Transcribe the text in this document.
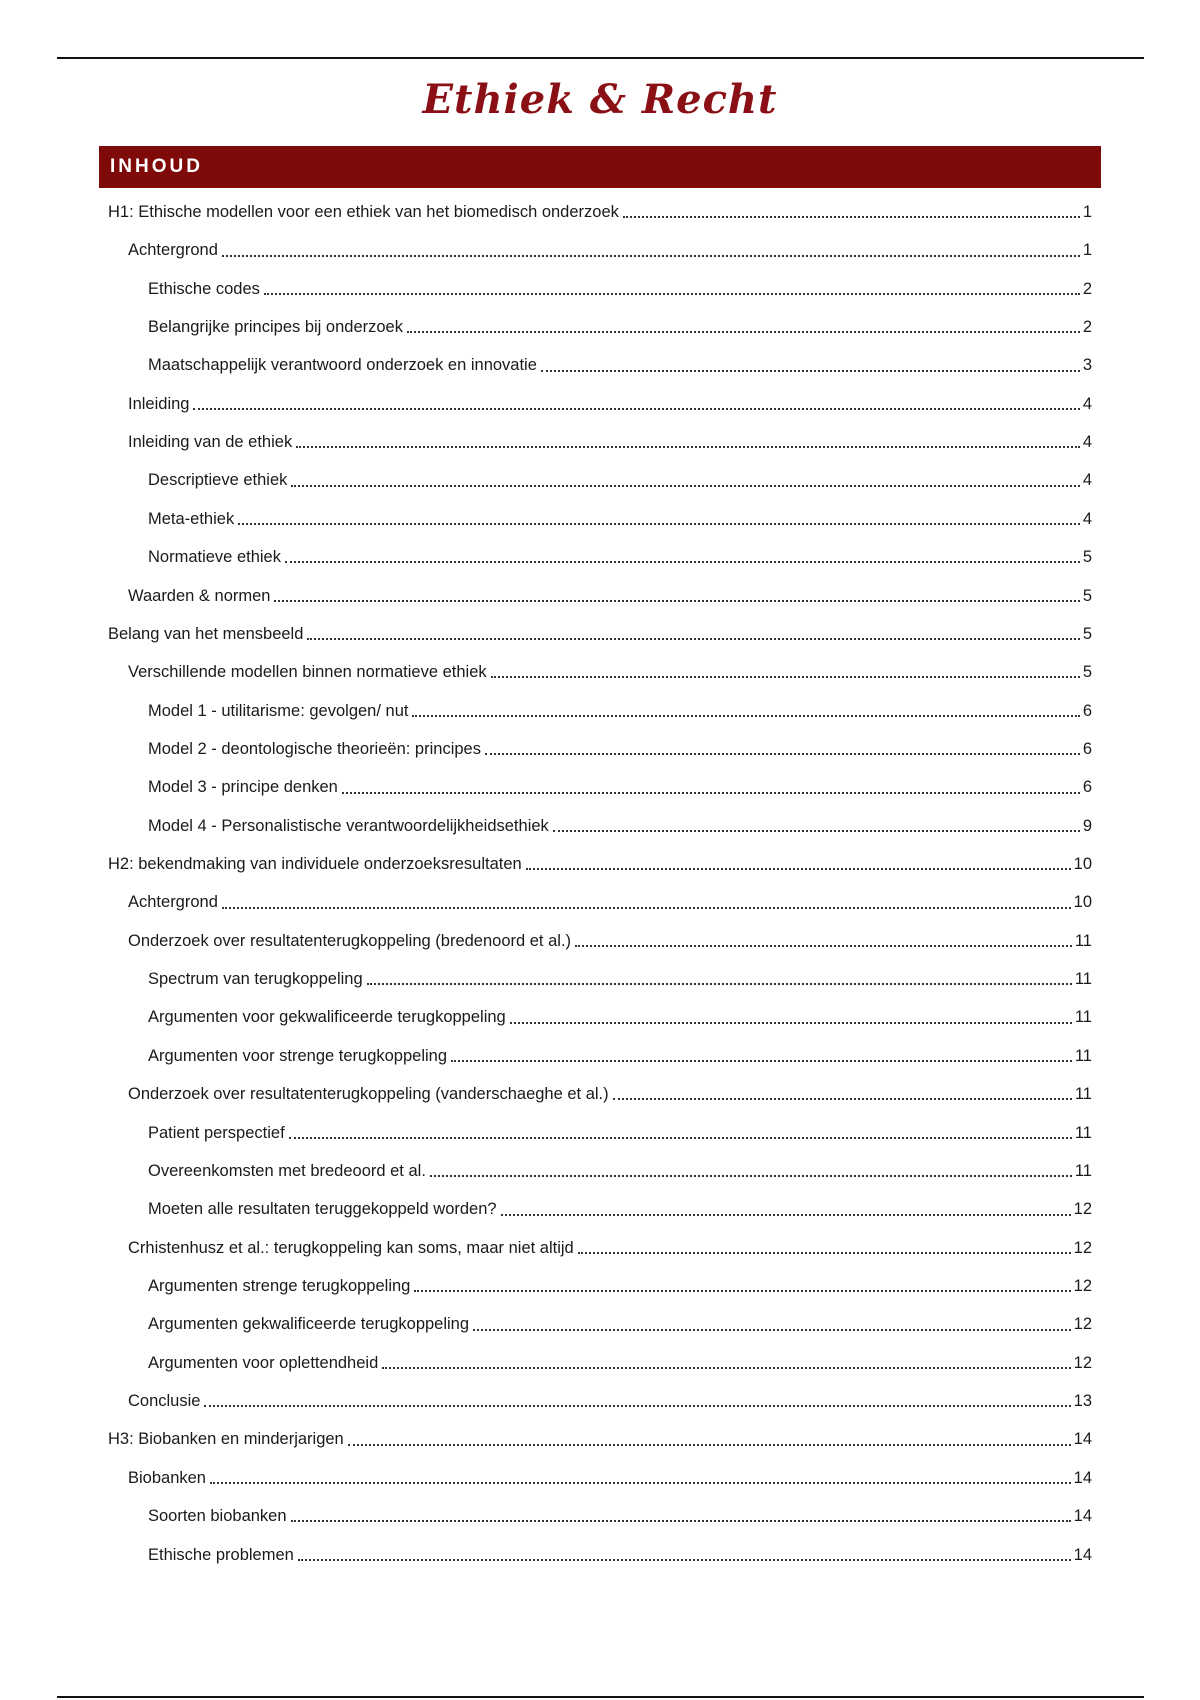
Ethiek & Recht
INHOUD
H1: Ethische modellen voor een ethiek van het biomedisch onderzoek	1
Achtergrond	1
Ethische codes	2
Belangrijke principes bij onderzoek	2
Maatschappelijk verantwoord onderzoek en innovatie	3
Inleiding	4
Inleiding van de ethiek	4
Descriptieve ethiek	4
Meta-ethiek	4
Normatieve ethiek	5
Waarden & normen	5
Belang van het mensbeeld	5
Verschillende modellen binnen normatieve ethiek	5
Model 1 - utilitarisme: gevolgen/ nut	6
Model 2 - deontologische theorieën: principes	6
Model 3 - principe denken	6
Model 4 - Personalistische verantwoordelijkheidsethiek	9
H2: bekendmaking van individuele onderzoeksresultaten	10
Achtergrond	10
Onderzoek over resultatenterugkoppeling (bredenoord et al.)	11
Spectrum van terugkoppeling	11
Argumenten voor gekwalificeerde terugkoppeling	11
Argumenten voor strenge terugkoppeling	11
Onderzoek over resultatenterugkoppeling (vanderschaeghe et al.)	11
Patient perspectief	11
Overeenkomsten met bredeoord et al.	11
Moeten alle resultaten teruggekoppeld worden?	12
Crhistenhusz et al.: terugkoppeling kan soms, maar niet altijd	12
Argumenten strenge terugkoppeling	12
Argumenten gekwalificeerde terugkoppeling	12
Argumenten voor oplettendheid	12
Conclusie	13
H3: Biobanken en minderjarigen	14
Biobanken	14
Soorten biobanken	14
Ethische problemen	14
